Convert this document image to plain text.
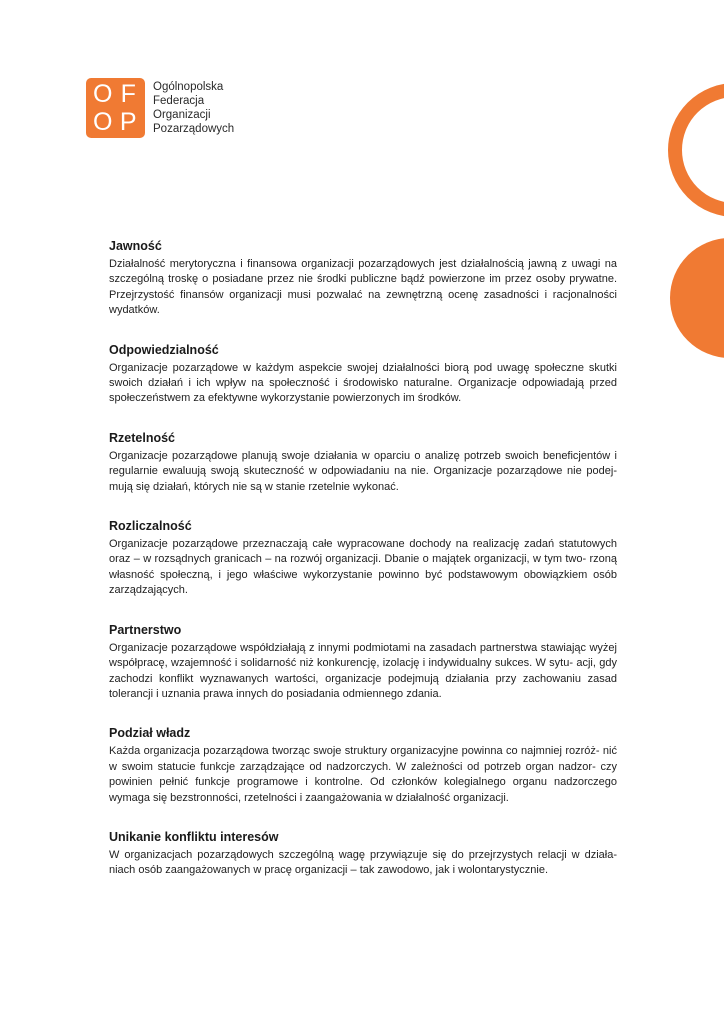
O F
O P
Ogólnopolska
Federacja
Organizacji
Pozarządowych
Jawność

Działalność merytoryczna i finansowa organizacji pozarządowych jest działalnością jawną z uwagi na szczególną troskę o posiadane przez nie środki publiczne bądź powierzone im przez osoby prywatne. Przejrzystość finansów organizacji musi pozwalać na zewnętrzną ocenę zasadności i racjonalności wydatków.

Odpowiedzialność

Organizacje pozarządowe w każdym aspekcie swojej działalności biorą pod uwagę społeczne skutki swoich działań i ich wpływ na społeczność i środowisko naturalne. Organizacje odpowiadają przed społeczeństwem za efektywne wykorzystanie powierzonych im środków.

Rzetelność

Organizacje pozarządowe planują swoje działania w oparciu o analizę potrzeb swoich beneficjentów i regularnie ewaluują swoją skuteczność w odpowiadaniu na nie. Organizacje pozarządowe nie podej- mują się działań, których nie są w stanie rzetelnie wykonać.

Rozliczalność

Organizacje pozarządowe przeznaczają całe wypracowane dochody na realizację zadań statutowych oraz – w rozsądnych granicach – na rozwój organizacji. Dbanie o majątek organizacji, w tym two- rzoną własność społeczną, i jego właściwe wykorzystanie powinno być podstawowym obowiązkiem osób zarządzających.

Partnerstwo

Organizacje pozarządowe współdziałają z innymi podmiotami na zasadach partnerstwa stawiając wyżej współpracę, wzajemność i solidarność niż konkurencję, izolację i indywidualny sukces. W sytu- acji, gdy zachodzi konflikt wyznawanych wartości, organizacje podejmują działania przy zachowaniu zasad tolerancji i uznania prawa innych do posiadania odmiennego zdania.

Podział władz

Każda organizacja pozarządowa tworząc swoje struktury organizacyjne powinna co najmniej rozróż- nić w swoim statucie funkcje zarządzające od nadzorczych. W zależności od potrzeb organ nadzor- czy powinien pełnić funkcje programowe i kontrolne. Od członków kolegialnego organu nadzorczego wymaga się bezstronności, rzetelności i zaangażowania w działalność organizacji.

Unikanie konfliktu interesów

W organizacjach pozarządowych szczególną wagę przywiązuje się do przejrzystych relacji w działa- niach osób zaangażowanych w pracę organizacji – tak zawodowo, jak i wolontarystycznie.
